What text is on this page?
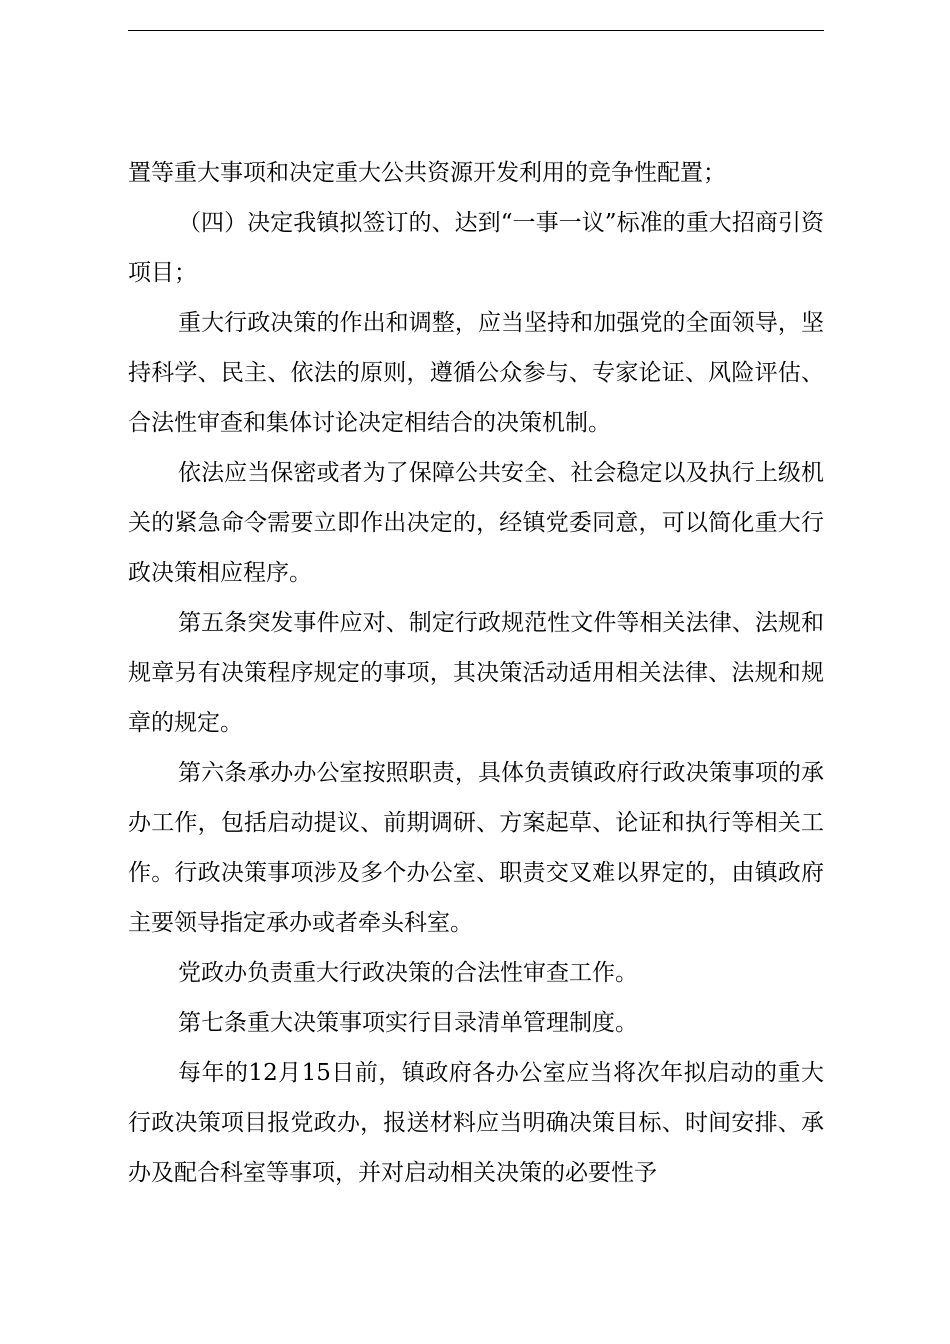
置等重大事项和决定重大公共资源开发利用的竞争性配置；

（四）决定我镇拟签订的、达到“一事一议”标准的重大招商引资项目；

重大行政决策的作出和调整，应当坚持和加强党的全面领导，坚持科学、民主、依法的原则，遵循公众参与、专家论证、风险评估、合法性审查和集体讨论决定相结合的决策机制。

依法应当保密或者为了保障公共安全、社会稳定以及执行上级机关的紧急命令需要立即作出决定的，经镇党委同意，可以简化重大行政决策相应程序。

第五条突发事件应对、制定行政规范性文件等相关法律、法规和规章另有决策程序规定的事项，其决策活动适用相关法律、法规和规章的规定。

第六条承办办公室按照职责，具体负责镇政府行政决策事项的承办工作，包括启动提议、前期调研、方案起草、论证和执行等相关工作。行政决策事项涉及多个办公室、职责交叉难以界定的，由镇政府主要领导指定承办或者牵头科室。

党政办负责重大行政决策的合法性审查工作。

第七条重大决策事项实行目录清单管理制度。

每年的12月15日前，镇政府各办公室应当将次年拟启动的重大行政决策项目报党政办，报送材料应当明确决策目标、时间安排、承办及配合科室等事项，并对启动相关决策的必要性予
